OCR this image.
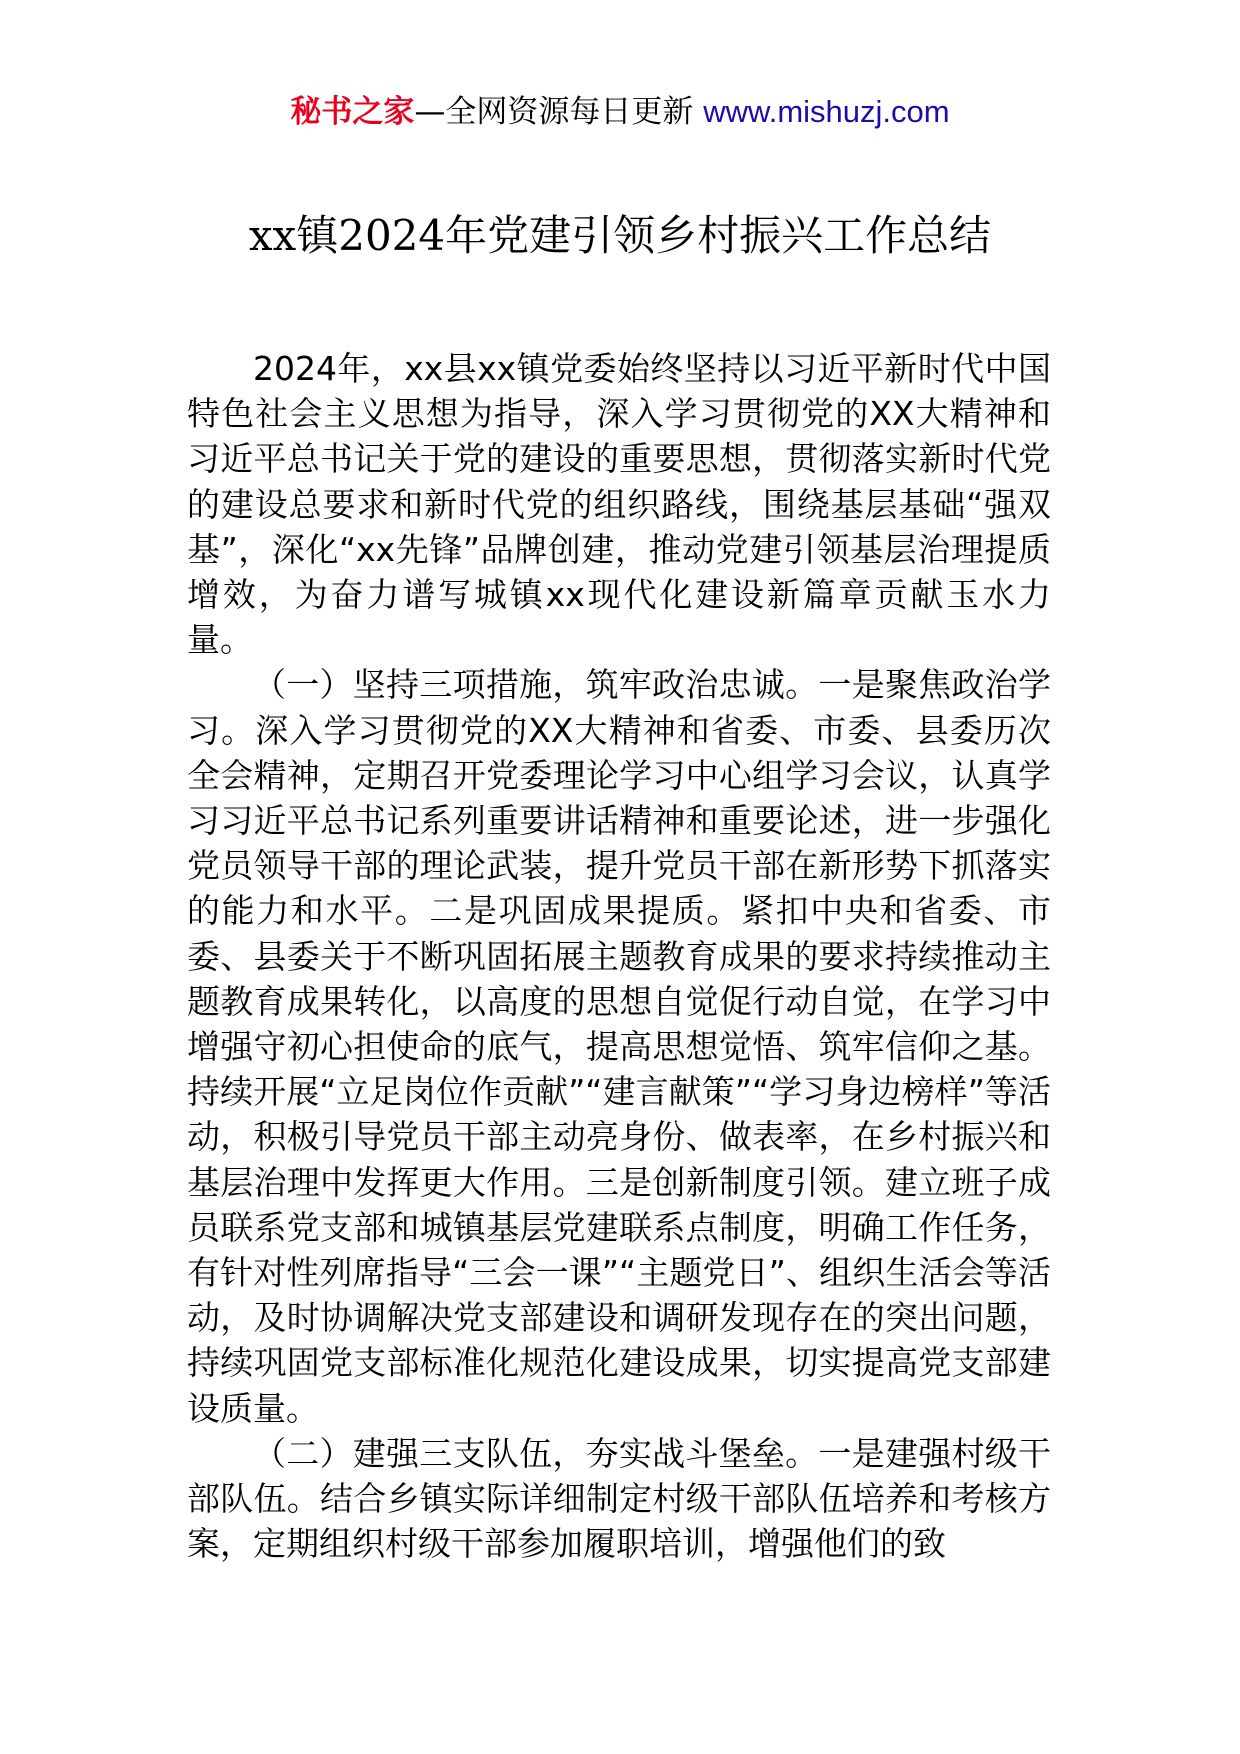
秘书之家—全网资源每日更新 www.mishuzj.com
xx镇2024年党建引领乡村振兴工作总结

2024年，xx县xx镇党委始终坚持以习近平新时代中国特色社会主义思想为指导，深入学习贯彻党的XX大精神和习近平总书记关于党的建设的重要思想，贯彻落实新时代党的建设总要求和新时代党的组织路线，围绕基层基础“强双基”，深化“xx先锋”品牌创建，推动党建引领基层治理提质增效，为奋力谱写城镇xx现代化建设新篇章贡献玉水力量。

（一）坚持三项措施，筑牢政治忠诚。一是聚焦政治学习。深入学习贯彻党的XX大精神和省委、市委、县委历次全会精神，定期召开党委理论学习中心组学习会议，认真学习习近平总书记系列重要讲话精神和重要论述，进一步强化党员领导干部的理论武装，提升党员干部在新形势下抓落实的能力和水平。二是巩固成果提质。紧扣中央和省委、市委、县委关于不断巩固拓展主题教育成果的要求持续推动主题教育成果转化，以高度的思想自觉促行动自觉，在学习中增强守初心担使命的底气，提高思想觉悟、筑牢信仰之基。持续开展“立足岗位作贡献”“建言献策”“学习身边榜样”等活动，积极引导党员干部主动亮身份、做表率，在乡村振兴和基层治理中发挥更大作用。三是创新制度引领。建立班子成员联系党支部和城镇基层党建联系点制度，明确工作任务，有针对性列席指导“三会一课”“主题党日”、组织生活会等活动，及时协调解决党支部建设和调研发现存在的突出问题，持续巩固党支部标准化规范化建设成果，切实提高党支部建设质量。

（二）建强三支队伍，夯实战斗堡垒。一是建强村级干部队伍。结合乡镇实际详细制定村级干部队伍培养和考核方案，定期组织村级干部参加履职培训，增强他们的致
